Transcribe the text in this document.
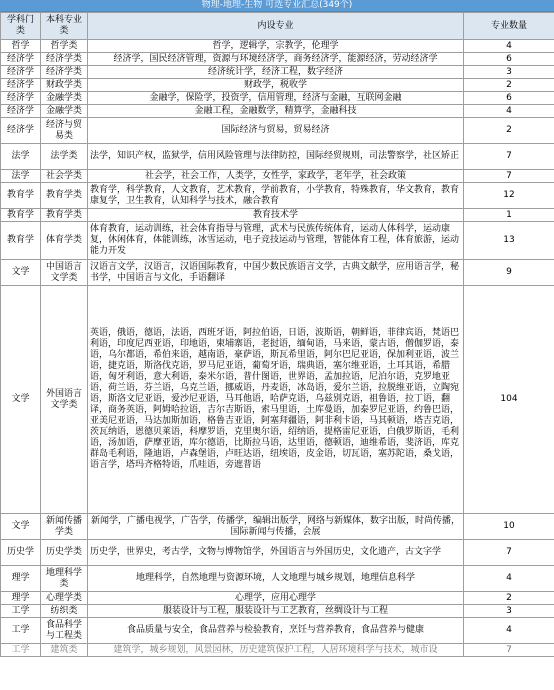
物理-地理-生物 可选专业汇总(349个)
学科门类	本科专业类	内设专业	专业数量
哲学	哲学类	哲学，逻辑学，宗教学，伦理学	4
经济学	经济学类	经济学，国民经济管理，资源与环境经济学，商务经济学，能源经济，劳动经济学	6
经济学	经济学类	经济统计学，经济工程，数字经济	3
经济学	财政学类	财政学，税收学	2
经济学	金融学类	金融学，保险学，投资学，信用管理，经济与金融，互联网金融	6
经济学	金融学类	金融工程，金融数学，精算学，金融科技	4
经济学	经济与贸易类	国际经济与贸易，贸易经济	2
法学	法学类	法学，知识产权，监狱学，信用风险管理与法律防控，国际经贸规则，司法警察学，社区矫正	7
法学	社会学类	社会学，社会工作，人类学，女性学，家政学，老年学，社会政策	7
教育学	教育学类	教育学，科学教育，人文教育，艺术教育，学前教育，小学教育，特殊教育，华文教育，教育康复学，卫生教育，认知科学与技术，融合教育	12
教育学	教育学类	教育技术学	1
教育学	体育学类	体育教育，运动训练，社会体育指导与管理，武术与民族传统体育，运动人体科学，运动康复，休闲体育，体能训练，冰雪运动，电子竞技运动与管理，智能体育工程，体育旅游，运动能力开发	13
文学	中国语言文学类	汉语言文学，汉语言，汉语国际教育，中国少数民族语言文学，古典文献学，应用语言学，秘书学，中国语言与文化，手语翻译	9
文学	外国语言文学类	英语，俄语，德语，法语，西班牙语，阿拉伯语，日语，波斯语，朝鲜语，菲律宾语，梵语巴利语，印度尼西亚语，印地语，柬埔寨语，老挝语，缅甸语，马来语，蒙古语，僧伽罗语，泰语，乌尔都语，希伯来语，越南语，豪萨语，斯瓦希里语，阿尔巴尼亚语，保加利亚语，波兰语，捷克语，斯洛伐克语，罗马尼亚语，葡萄牙语，瑞典语，塞尔维亚语，土耳其语，希腊语，匈牙利语，意大利语，泰米尔语，普什图语，世界语，孟加拉语，尼泊尔语，克罗地亚语，荷兰语，芬兰语，乌克兰语，挪威语，丹麦语，冰岛语，爱尔兰语，拉脱维亚语，立陶宛语，斯洛文尼亚语，爱沙尼亚语，马耳他语，哈萨克语，乌兹别克语，祖鲁语，拉丁语，翻译，商务英语，阿姆哈拉语，吉尔吉斯语，索马里语，土库曼语，加泰罗尼亚语，约鲁巴语，亚美尼亚语，马达加斯加语，格鲁吉亚语，阿塞拜疆语，阿非利卡语，马其顿语，塔吉克语，茨瓦纳语，恩德贝莱语，科摩罗语，克里奥尔语，绍纳语，提格雷尼亚语，白俄罗斯语，毛利语，汤加语，萨摩亚语，库尔德语，比斯拉马语，达里语，德顿语，迪维希语，斐济语，库克群岛毛利语，隆迪语，卢森堡语，卢旺达语，纽埃语，皮金语，切瓦语，塞苏陀语，桑戈语，语言学，塔玛齐格特语，爪哇语，旁遮普语	104
文学	新闻传播学类	新闻学，广播电视学，广告学，传播学，编辑出版学，网络与新媒体，数字出版，时尚传播，国际新闻与传播，会展	10
历史学	历史学类	历史学，世界史，考古学，文物与博物馆学，外国语言与外国历史，文化遗产，古文字学	7
理学	地理科学类	地理科学，自然地理与资源环境，人文地理与城乡规划，地理信息科学	4
理学	心理学类	心理学，应用心理学	2
工学	纺织类	服装设计与工程，服装设计与工艺教育，丝绸设计与工程	3
工学	食品科学与工程类	食品质量与安全，食品营养与检验教育，烹饪与营养教育，食品营养与健康	4
工学	建筑类	建筑学，城乡规划，风景园林，历史建筑保护工程，人居环境科学与技术，城市设	7
